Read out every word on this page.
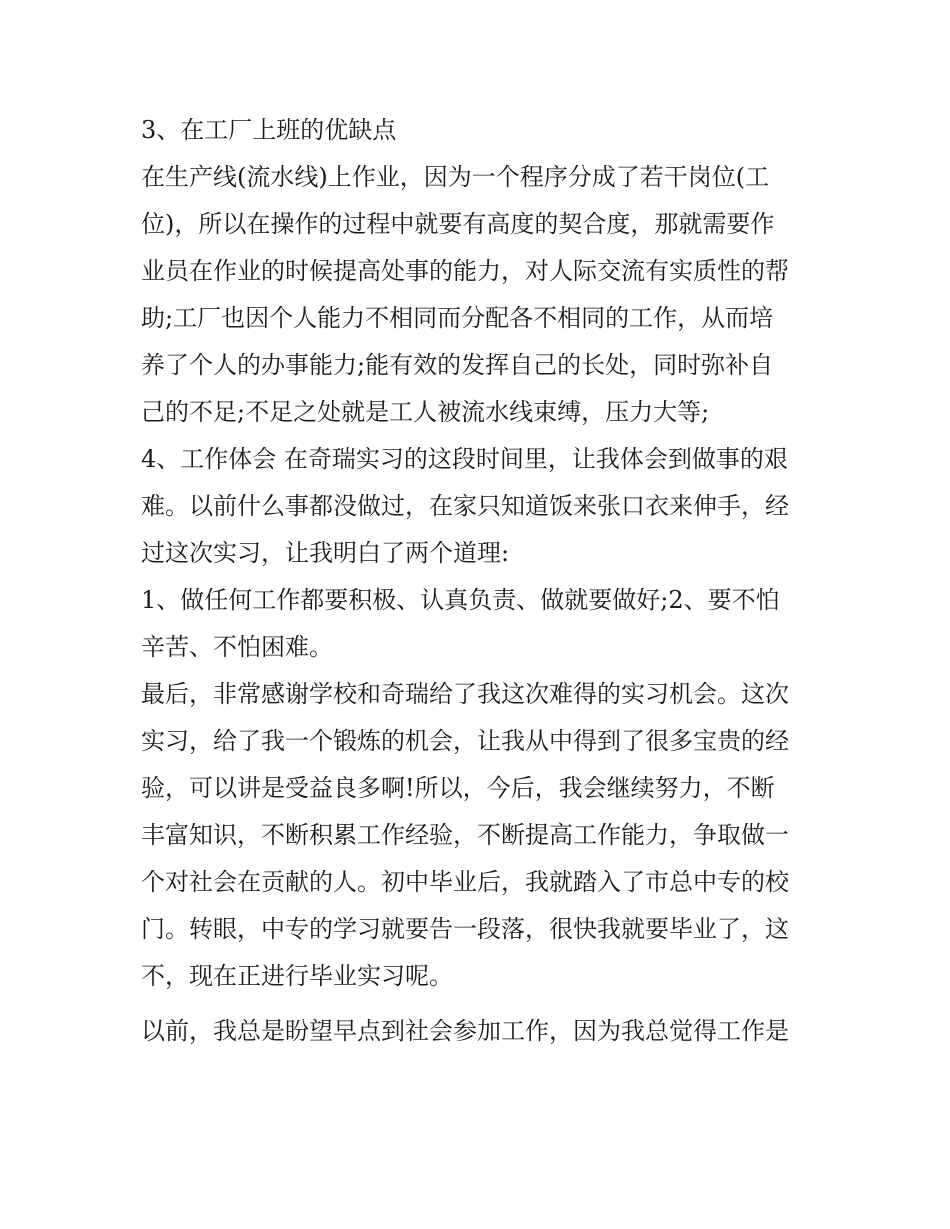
3、在工厂上班的优缺点
在生产线(流水线)上作业，因为一个程序分成了若干岗位(工
位)，所以在操作的过程中就要有高度的契合度，那就需要作
业员在作业的时候提高处事的能力，对人际交流有实质性的帮
助;工厂也因个人能力不相同而分配各不相同的工作，从而培
养了个人的办事能力;能有效的发挥自己的长处，同时弥补自
己的不足;不足之处就是工人被流水线束缚，压力大等;
4、工作体会 在奇瑞实习的这段时间里，让我体会到做事的艰
难。以前什么事都没做过，在家只知道饭来张口衣来伸手，经
过这次实习，让我明白了两个道理:
1、做任何工作都要积极、认真负责、做就要做好;2、要不怕
辛苦、不怕困难。
最后，非常感谢学校和奇瑞给了我这次难得的实习机会。这次
实习，给了我一个锻炼的机会，让我从中得到了很多宝贵的经
验，可以讲是受益良多啊!所以，今后，我会继续努力，不断
丰富知识，不断积累工作经验，不断提高工作能力，争取做一
个对社会在贡献的人。初中毕业后，我就踏入了市总中专的校
门。转眼，中专的学习就要告一段落，很快我就要毕业了，这
不，现在正进行毕业实习呢。
以前，我总是盼望早点到社会参加工作，因为我总觉得工作是
